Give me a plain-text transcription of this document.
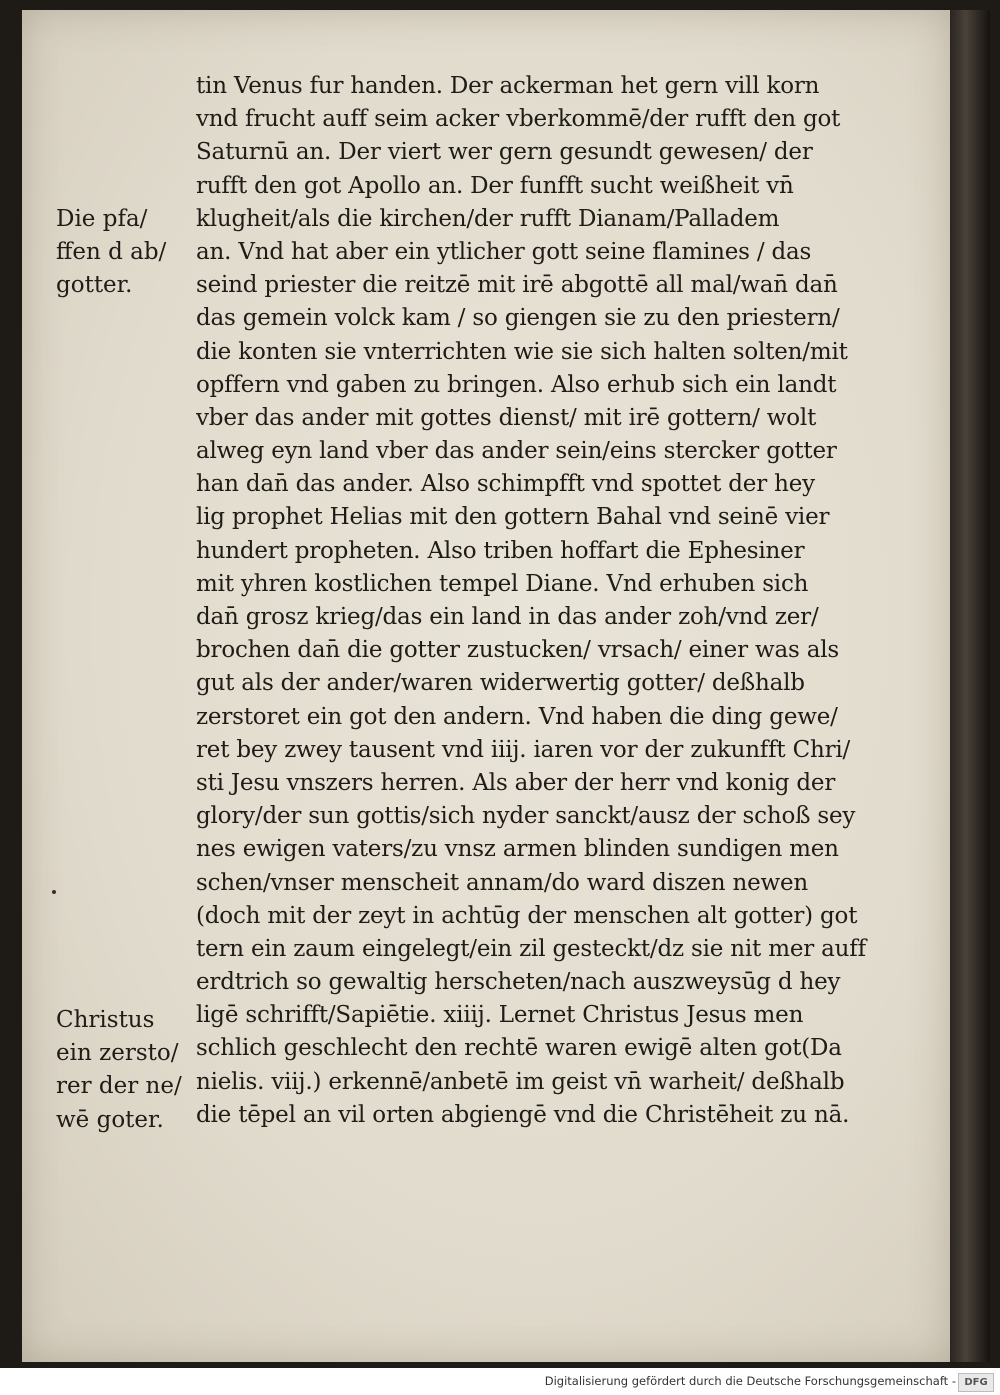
Die pfa/
ffen d ab/
gotter.
Christus
ein zersto/
rer der ne/
wē goter.
tin Venus fur handen. Der ackerman het gern vill korn
vnd frucht auff seim acker vberkommē/der rufft den got
Saturnū an. Der viert wer gern gesundt gewesen/ der
rufft den got Apollo an. Der funfft sucht weißheit vn̄
klugheit/als die kirchen/der rufft Dianam/Palladem
an. Vnd hat aber ein ytlicher gott seine flamines / das
seind priester die reitzē mit irē abgottē all mal/wan̄ dan̄
das gemein volck kam / so giengen sie zu den priestern/
die konten sie vnterrichten wie sie sich halten solten/mit
opffern vnd gaben zu bringen. Also erhub sich ein landt
vber das ander mit gottes dienst/ mit irē gottern/ wolt
alweg eyn land vber das ander sein/eins stercker gotter
han dan̄ das ander. Also schimpfft vnd spottet der hey
lig prophet Helias mit den gottern Bahal vnd seinē vier
hundert propheten. Also triben hoffart die Ephesiner
mit yhren kostlichen tempel Diane. Vnd erhuben sich
dan̄ grosz krieg/das ein land in das ander zoh/vnd zer/
brochen dan̄ die gotter zustucken/ vrsach/ einer was als
gut als der ander/waren widerwertig gotter/ deßhalb
zerstoret ein got den andern. Vnd haben die ding gewe/
ret bey zwey tausent vnd iiij. iaren vor der zukunfft Chri/
sti Jesu vnszers herren. Als aber der herr vnd konig der
glory/der sun gottis/sich nyder sanckt/ausz der schoß sey
nes ewigen vaters/zu vnsz armen blinden sundigen men
schen/vnser menscheit annam/do ward diszen newen
(doch mit der zeyt in achtūg der menschen alt gotter) got
tern ein zaum eingelegt/ein zil gesteckt/dz sie nit mer auff
erdtrich so gewaltig herscheten/nach auszweysūg d hey
ligē schrifft/Sapiētie. xiiij. Lernet Christus Jesus men
schlich geschlecht den rechtē waren ewigē alten got(Da
nielis. viij.) erkennē/anbetē im geist vn̄ warheit/ deßhalb
die tēpel an vil orten abgiengē vnd die Christēheit zu nā.
Digitalisierung gefördert durch die Deutsche Forschungsgemeinschaft - DFG
